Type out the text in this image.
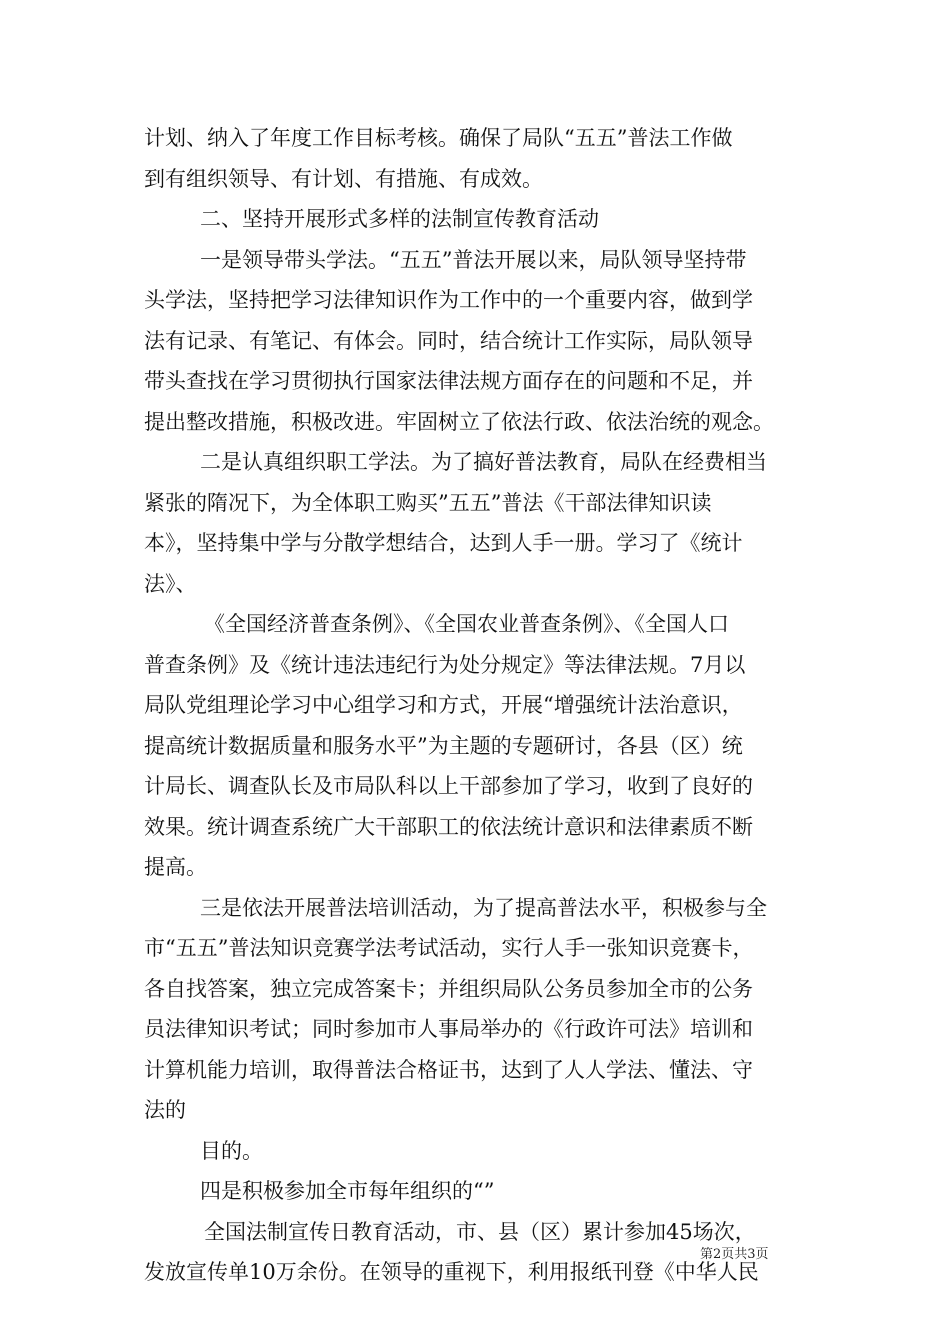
计划、纳入了年度工作目标考核。确保了局队“五五”普法工作做
到有组织领导、有计划、有措施、有成效。
二、坚持开展形式多样的法制宣传教育活动
一是领导带头学法。“五五”普法开展以来，局队领导坚持带
头学法，坚持把学习法律知识作为工作中的一个重要内容，做到学
法有记录、有笔记、有体会。同时，结合统计工作实际，局队领导
带头查找在学习贯彻执行国家法律法规方面存在的问题和不足，并
提出整改措施，积极改进。牢固树立了依法行政、依法治统的观念。
二是认真组织职工学法。为了搞好普法教育，局队在经费相当
紧张的隋况下，为全体职工购买”五五”普法《干部法律知识读
本》，坚持集中学与分散学想结合，达到人手一册。学习了《统计
法》、
《全国经济普查条例》、《全国农业普查条例》、《全国人口
普查条例》及《统计违法违纪行为处分规定》等法律法规。7月以
局队党组理论学习中心组学习和方式，开展“增强统计法治意识，
提高统计数据质量和服务水平”为主题的专题研讨，各县（区）统
计局长、调查队长及市局队科以上干部参加了学习，收到了良好的
效果。统计调查系统广大干部职工的依法统计意识和法律素质不断
提高。
三是依法开展普法培训活动，为了提高普法水平，积极参与全
市“五五”普法知识竞赛学法考试活动，实行人手一张知识竞赛卡，
各自找答案，独立完成答案卡；并组织局队公务员参加全市的公务
员法律知识考试；同时参加市人事局举办的《行政许可法》培训和
计算机能力培训，取得普法合格证书，达到了人人学法、懂法、守
法的
目的。
四是积极参加全市每年组织的“”
全国法制宣传日教育活动，市、县（区）累计参加45场次，
发放宣传单10万余份。在领导的重视下，利用报纸刊登《中华人民
第2页共3页
